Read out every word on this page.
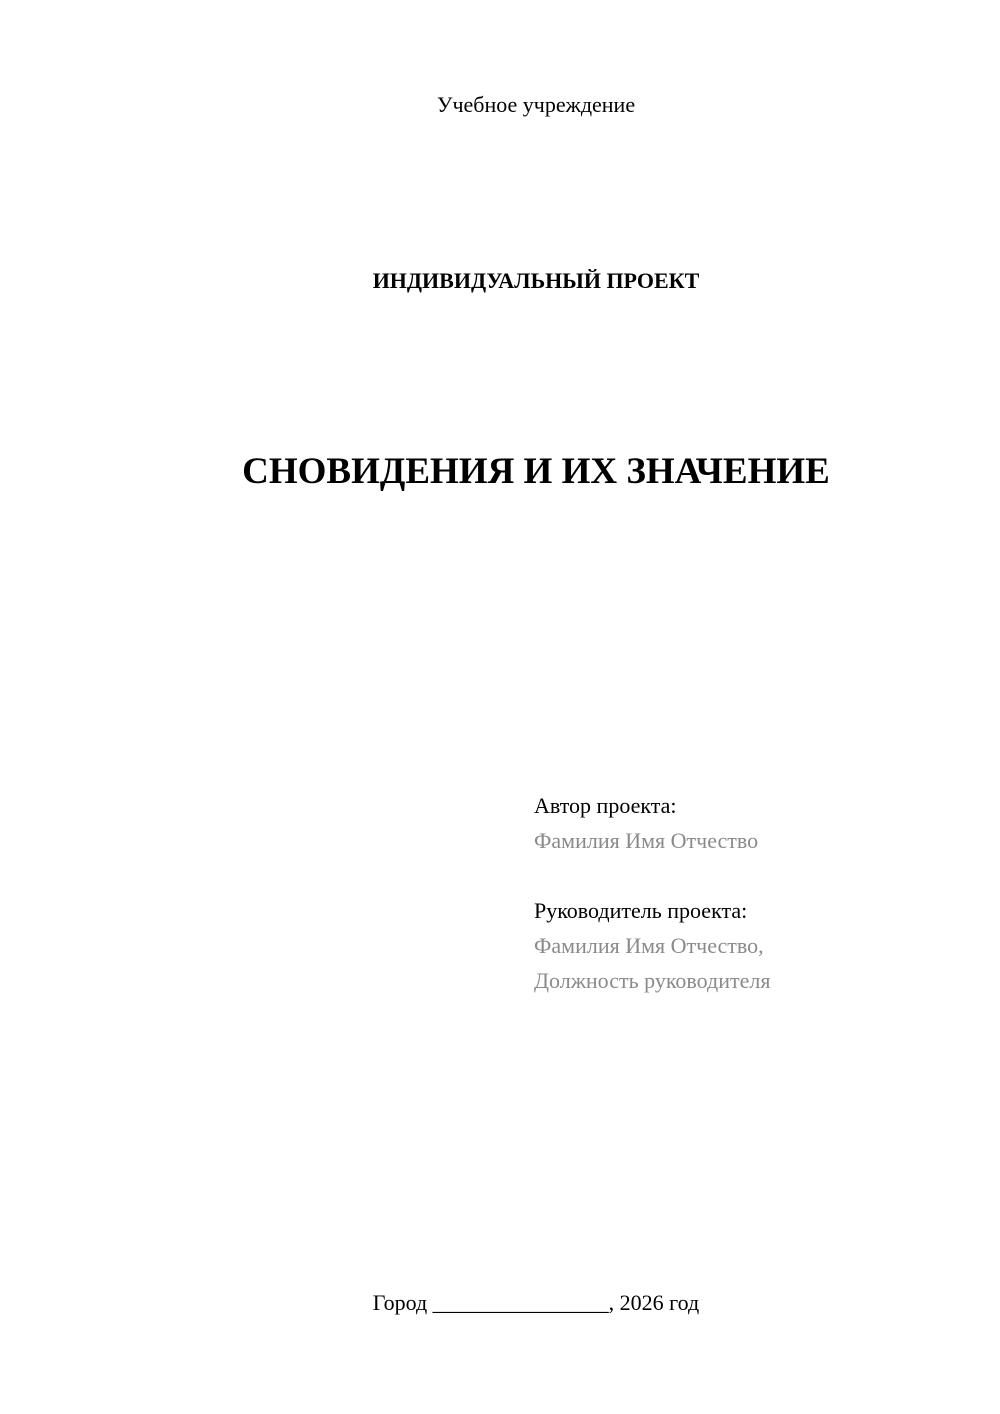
Учебное учреждение
ИНДИВИДУАЛЬНЫЙ ПРОЕКТ
СНОВИДЕНИЯ И ИХ ЗНАЧЕНИЕ
Автор проекта:
Фамилия Имя Отчество
Руководитель проекта:
Фамилия Имя Отчество,
Должность руководителя
Город ________________, 2026 год
